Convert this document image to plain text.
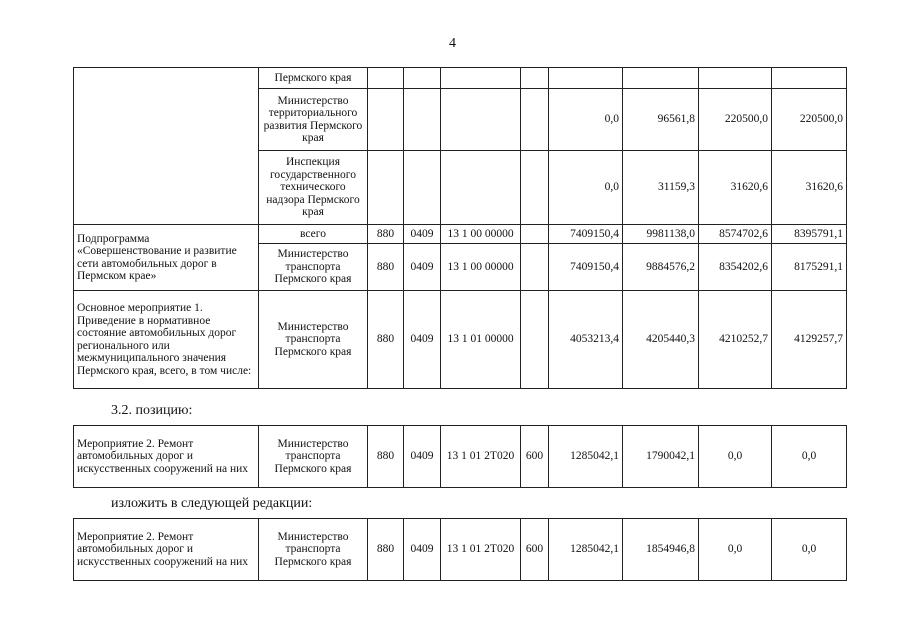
4
	Пермского края								
	Министерство территориального развития Пермского края					0,0	96561,8	220500,0	220500,0
	Инспекция государственного технического надзора Пермского края					0,0	31159,3	31620,6	31620,6
Подпрограмма «Совершенствование и развитие сети автомобильных дорог в Пермском крае»	всего	880	0409	13 1 00 00000		7409150,4	9981138,0	8574702,6	8395791,1
	Министерство транспорта Пермского края	880	0409	13 1 00 00000		7409150,4	9884576,2	8354202,6	8175291,1
Основное мероприятие 1. Приведение в нормативное состояние автомобильных дорог регионального или межмуниципального значения Пермского края, всего, в том числе:	Министерство транспорта Пермского края	880	0409	13 1 01 00000		4053213,4	4205440,3	4210252,7	4129257,7
3.2. позицию:
Мероприятие 2. Ремонт автомобильных дорог и искусственных сооружений на них	Министерство транспорта Пермского края	880	0409	13 1 01 2Т020	600	1285042,1	1790042,1	0,0	0,0
изложить в следующей редакции:
Мероприятие 2. Ремонт автомобильных дорог и искусственных сооружений на них	Министерство транспорта Пермского края	880	0409	13 1 01 2Т020	600	1285042,1	1854946,8	0,0	0,0
